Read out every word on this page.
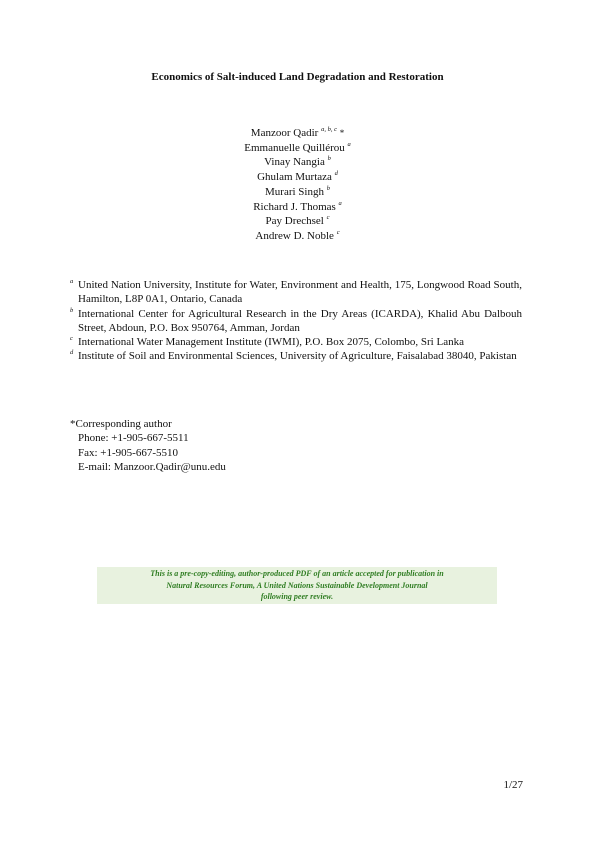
Economics of Salt-induced Land Degradation and Restoration
Manzoor Qadir $^{a, b, c}$ *
Emmanuelle Quillérou $^a$
Vinay Nangia $^b$
Ghulam Murtaza $^d$
Murari Singh $^b$
Richard J. Thomas $^a$
Pay Drechsel $^c$
Andrew D. Noble $^c$
a United Nation University, Institute for Water, Environment and Health, 175, Longwood Road South, Hamilton, L8P 0A1, Ontario, Canada
b International Center for Agricultural Research in the Dry Areas (ICARDA), Khalid Abu Dalbouh Street, Abdoun, P.O. Box 950764, Amman, Jordan
c International Water Management Institute (IWMI), P.O. Box 2075, Colombo, Sri Lanka
d Institute of Soil and Environmental Sciences, University of Agriculture, Faisalabad 38040, Pakistan
*Corresponding author
Phone: +1-905-667-5511
Fax: +1-905-667-5510
E-mail: Manzoor.Qadir@unu.edu
This is a pre-copy-editing, author-produced PDF of an article accepted for publication in
Natural Resources Forum, A United Nations Sustainable Development Journal
following peer review.
1/27
